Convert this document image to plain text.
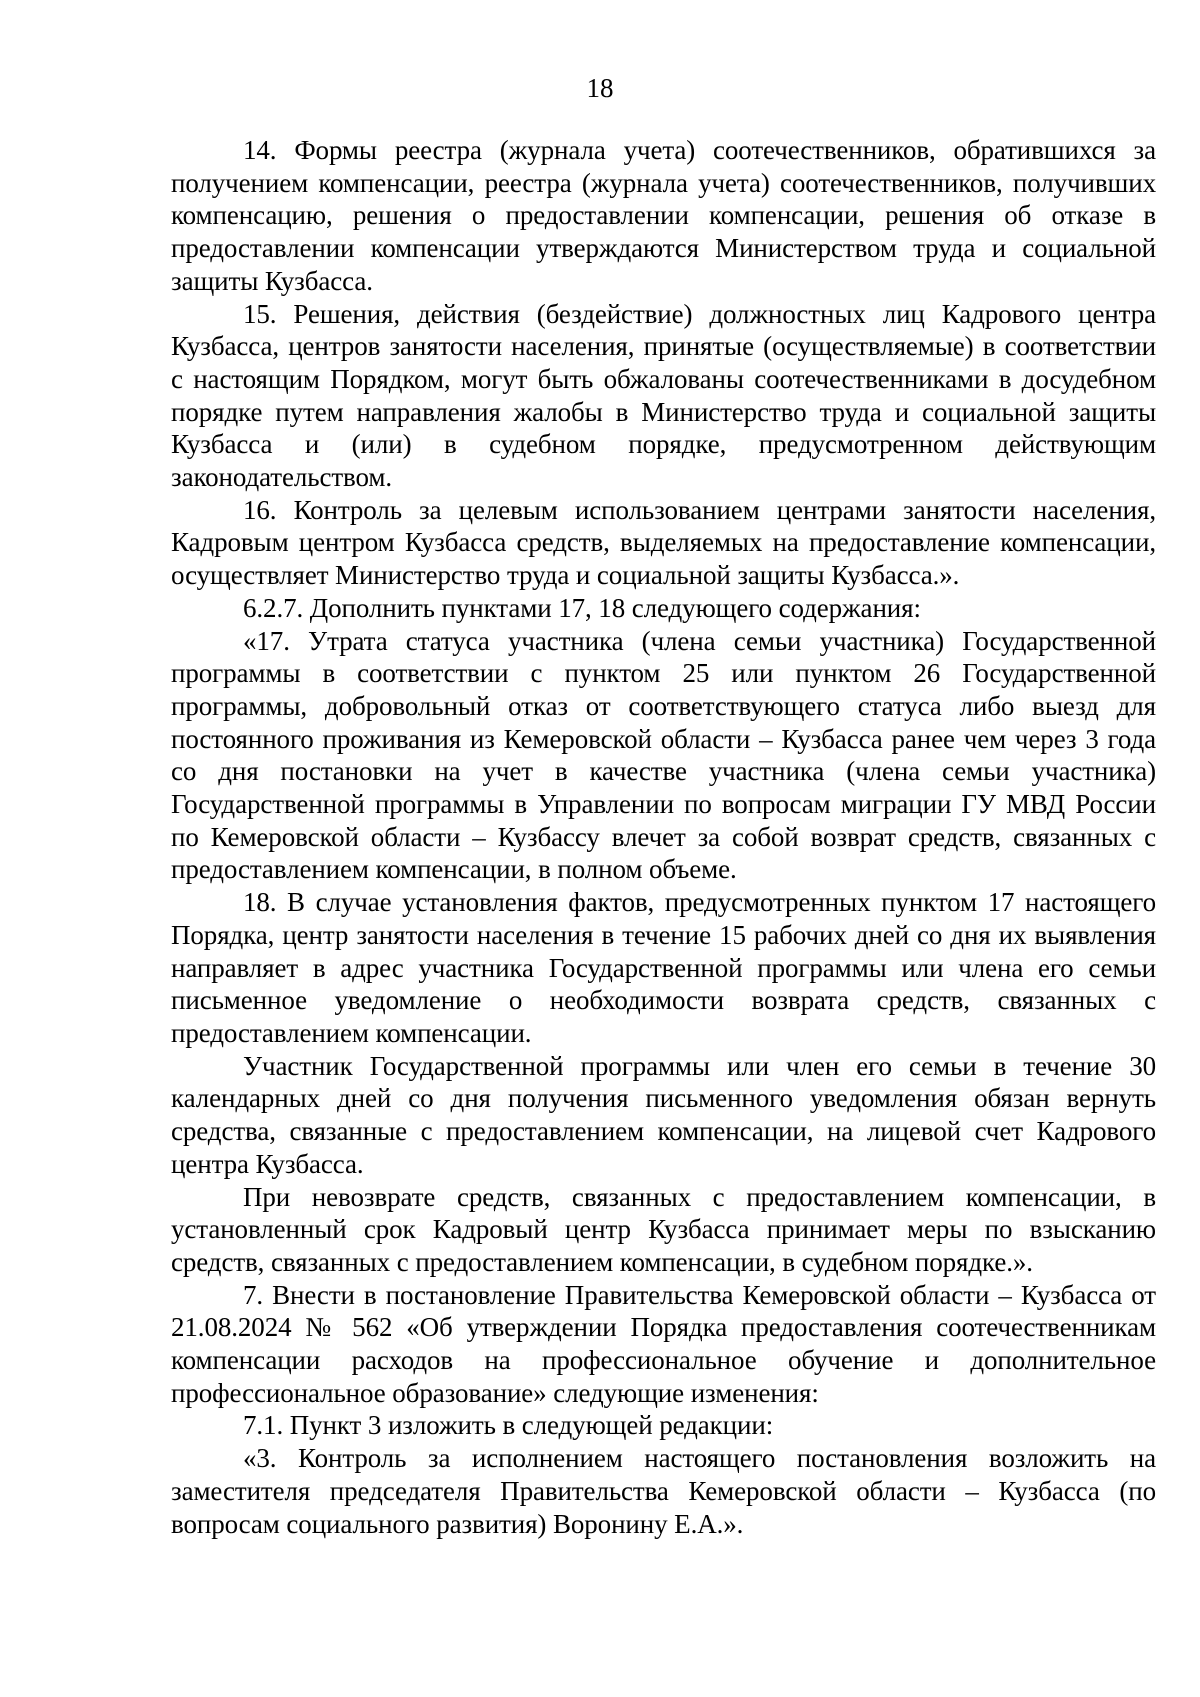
18

14. Формы реестра (журнала учета) соотечественников, обратившихся за получением компенсации, реестра (журнала учета) соотечественников, получивших компенсацию, решения о предоставлении компенсации, решения об отказе в предоставлении компенсации утверждаются Министерством труда и социальной защиты Кузбасса.

15. Решения, действия (бездействие) должностных лиц Кадрового центра Кузбасса, центров занятости населения, принятые (осуществляемые) в соответствии с настоящим Порядком, могут быть обжалованы соотечественниками в досудебном порядке путем направления жалобы в Министерство труда и социальной защиты Кузбасса и (или) в судебном порядке, предусмотренном действующим законодательством.

16. Контроль за целевым использованием центрами занятости населения, Кадровым центром Кузбасса средств, выделяемых на предоставление компенсации, осуществляет Министерство труда и социальной защиты Кузбасса.».

6.2.7. Дополнить пунктами 17, 18 следующего содержания:

«17. Утрата статуса участника (члена семьи участника) Государственной программы в соответствии с пунктом 25 или пунктом 26 Государственной программы, добровольный отказ от соответствующего статуса либо выезд для постоянного проживания из Кемеровской области – Кузбасса ранее чем через 3 года со дня постановки на учет в качестве участника (члена семьи участника) Государственной программы в Управлении по вопросам миграции ГУ МВД России по Кемеровской области – Кузбассу влечет за собой возврат средств, связанных с предоставлением компенсации, в полном объеме.

18. В случае установления фактов, предусмотренных пунктом 17 настоящего Порядка, центр занятости населения в течение 15 рабочих дней со дня их выявления направляет в адрес участника Государственной программы или члена его семьи письменное уведомление о необходимости возврата средств, связанных с предоставлением компенсации.

Участник Государственной программы или член его семьи в течение 30 календарных дней со дня получения письменного уведомления обязан вернуть средства, связанные с предоставлением компенсации, на лицевой счет Кадрового центра Кузбасса.

При невозврате средств, связанных с предоставлением компенсации, в установленный срок Кадровый центр Кузбасса принимает меры по взысканию средств, связанных с предоставлением компенсации, в судебном порядке.».

7. Внести в постановление Правительства Кемеровской области – Кузбасса от 21.08.2024 № 562 «Об утверждении Порядка предоставления соотечественникам компенсации расходов на профессиональное обучение и дополнительное профессиональное образование» следующие изменения:

7.1. Пункт 3 изложить в следующей редакции:

«3. Контроль за исполнением настоящего постановления возложить на заместителя председателя Правительства Кемеровской области – Кузбасса (по вопросам социального развития) Воронину Е.А.».
